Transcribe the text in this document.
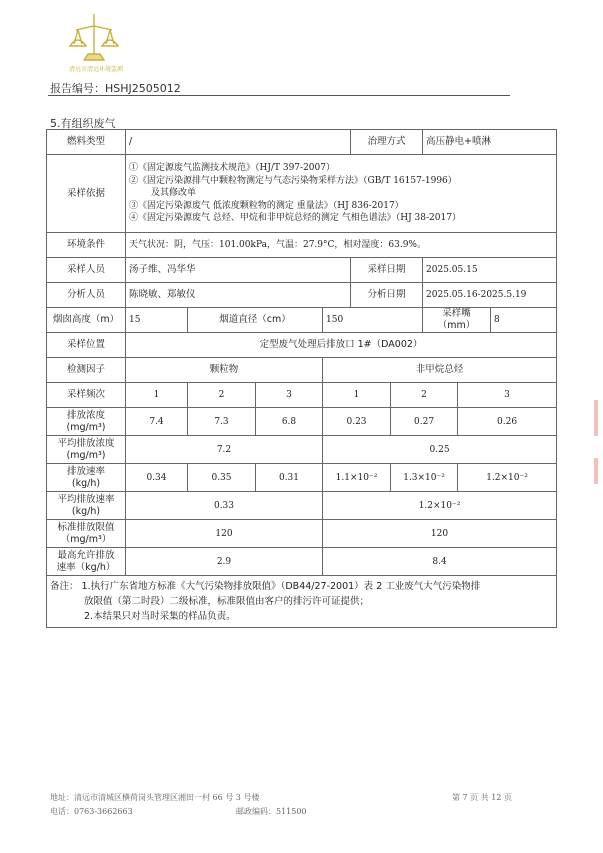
清远市清远环境监测
报告编号：HSHJ2505012
5.有组织废气
燃料类型	/				治理方式		高压静电+喷淋		
采样依据	①《固定源废气监测技术规范》（HJ/T 397-2007）
②《固定污染源排气中颗粒物测定与气态污染物采样方法》（GB/T 16157-1996）
及其修改单
③《固定污染源废气 低浓度颗粒物的测定 重量法》（HJ 836-2017）
④《固定污染源废气 总烃、甲烷和非甲烷总烃的测定 气相色谱法》（HJ 38-2017）								

环境条件	天气状况：阴，气压：101.00kPa，气温：27.9°C，相对湿度：63.9%。								
采样人员	汤子维、冯华华				采样日期		2025.05.15		
分析人员	陈晓敏、郑敏仪				分析日期		2025.05.16-2025.5.19		
烟囱高度（m）	15	烟道直径（cm）		150			采样嘴（mm）		8
采样位置	定型废气处理后排放口 1#（DA002）								
检测因子	颗粒物			非甲烷总烃					
采样频次	1	2	3	1		2		3	
排放浓度
(mg/m³)	7.4	7.3	6.8	0.23		0.27		0.26	
平均排放浓度
(mg/m³)	7.2			0.25					
排放速率
(kg/h)	0.34	0.35	0.31	1.1×10⁻²		1.3×10⁻²		1.2×10⁻²	
平均排放速率
(kg/h)	0.33			1.2×10⁻²					
标准排放限值
（mg/m³）	120			120					
最高允许排放
速率（kg/h）	2.9			8.4					

备注： 1.执行广东省地方标准《大气污染物排放限值》（DB44/27-2001）表 2 工业废气大气污染物排
放限值（第二时段）二级标准，标准限值由客户的排污许可证提供；
2.本结果只对当时采集的样品负责。									
地址：清远市清城区横荷岗头管理区湘田一村 66 号 3 号楼
电话：0763-3662663	邮政编码：511500
第 7 页 共 12 页
